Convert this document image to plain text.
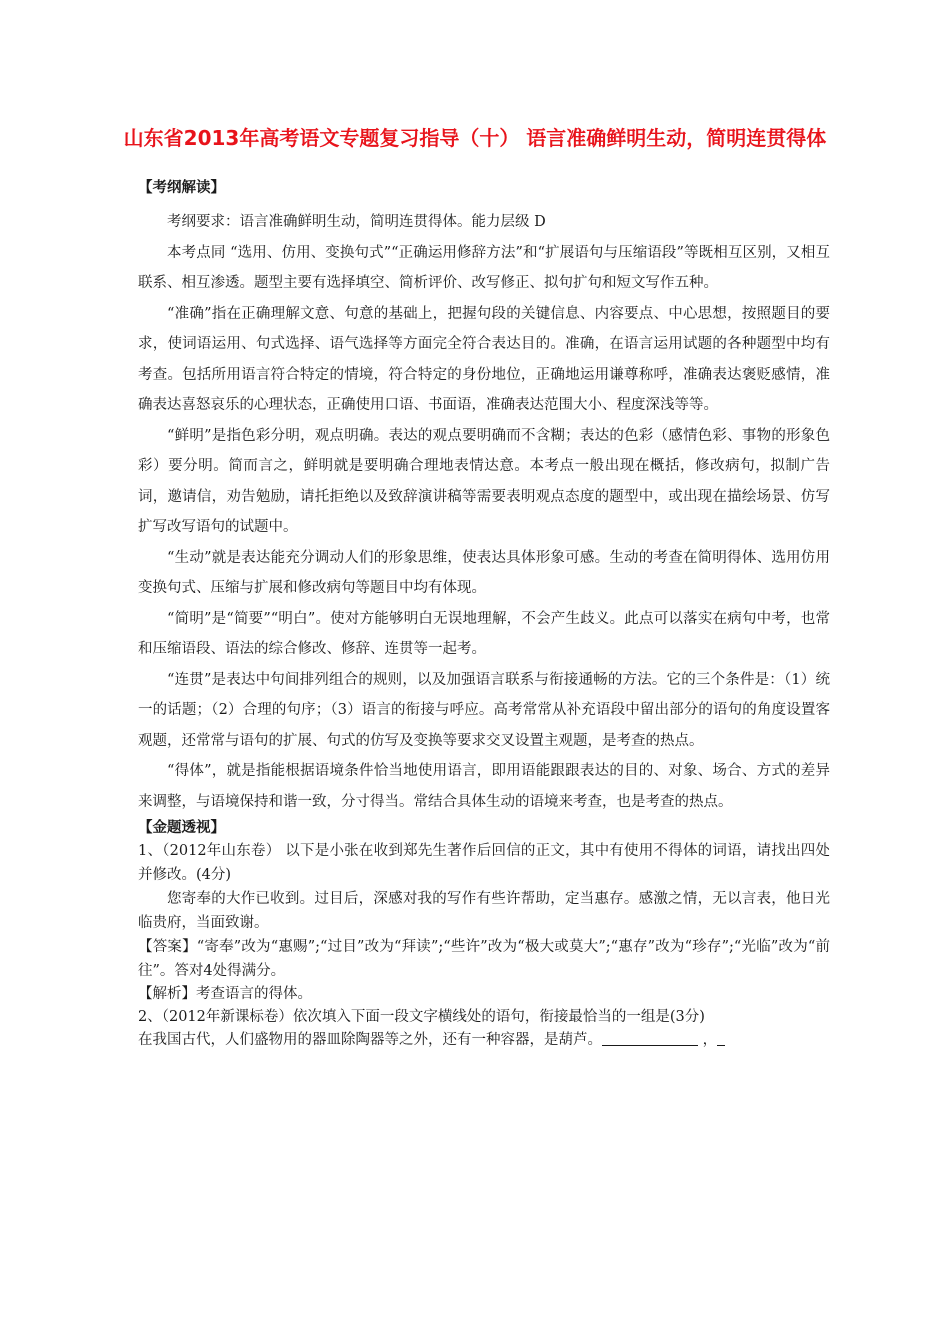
山东省2013年高考语文专题复习指导（十） 语言准确鲜明生动，简明连贯得体
【考纲解读】

考纲要求：语言准确鲜明生动，简明连贯得体。能力层级 D

本考点同 “选用、仿用、变换句式”“正确运用修辞方法”和“扩展语句与压缩语段”等既相互区别，又相互联系、相互渗透。题型主要有选择填空、简析评价、改写修正、拟句扩句和短文写作五种。

“准确”指在正确理解文意、句意的基础上，把握句段的关键信息、内容要点、中心思想，按照题目的要求，使词语运用、句式选择、语气选择等方面完全符合表达目的。准确，在语言运用试题的各种题型中均有考查。包括所用语言符合特定的情境，符合特定的身份地位，正确地运用谦尊称呼，准确表达褒贬感情，准确表达喜怒哀乐的心理状态，正确使用口语、书面语，准确表达范围大小、程度深浅等等。

“鲜明”是指色彩分明，观点明确。表达的观点要明确而不含糊；表达的色彩（感情色彩、事物的形象色彩）要分明。简而言之，鲜明就是要明确合理地表情达意。本考点一般出现在概括，修改病句，拟制广告词，邀请信，劝告勉励，请托拒绝以及致辞演讲稿等需要表明观点态度的题型中，或出现在描绘场景、仿写扩写改写语句的试题中。

“生动”就是表达能充分调动人们的形象思维，使表达具体形象可感。生动的考查在简明得体、选用仿用变换句式、压缩与扩展和修改病句等题目中均有体现。

“简明”是“简要”“明白”。使对方能够明白无误地理解，不会产生歧义。此点可以落实在病句中考，也常和压缩语段、语法的综合修改、修辞、连贯等一起考。

“连贯”是表达中句间排列组合的规则，以及加强语言联系与衔接通畅的方法。它的三个条件是：（1）统一的话题；（2）合理的句序；（3）语言的衔接与呼应。高考常常从补充语段中留出部分的语句的角度设置客观题，还常常与语句的扩展、句式的仿写及变换等要求交叉设置主观题，是考查的热点。

“得体”，就是指能根据语境条件恰当地使用语言，即用语能跟跟表达的目的、对象、场合、方式的差异来调整，与语境保持和谐一致，分寸得当。常结合具体生动的语境来考查，也是考查的热点。

【金题透视】

1、（2012年山东卷） 以下是小张在收到郑先生著作后回信的正文，其中有使用不得体的词语，请找出四处并修改。(4分)

您寄奉的大作已收到。过目后，深感对我的写作有些许帮助，定当惠存。感激之情，无以言表，他日光临贵府，当面致谢。

【答案】“寄奉”改为“惠赐”;“过目”改为“拜读”;“些许”改为“极大或莫大”;“惠存”改为“珍存”;“光临”改为“前往”。答对4处得满分。

【解析】考查语言的得体。

2、（2012年新课标卷）依次填入下面一段文字横线处的语句，衔接最恰当的一组是(3分)

在我国古代，人们盛物用的器皿除陶器等之外，还有一种容器，是葫芦。	，
